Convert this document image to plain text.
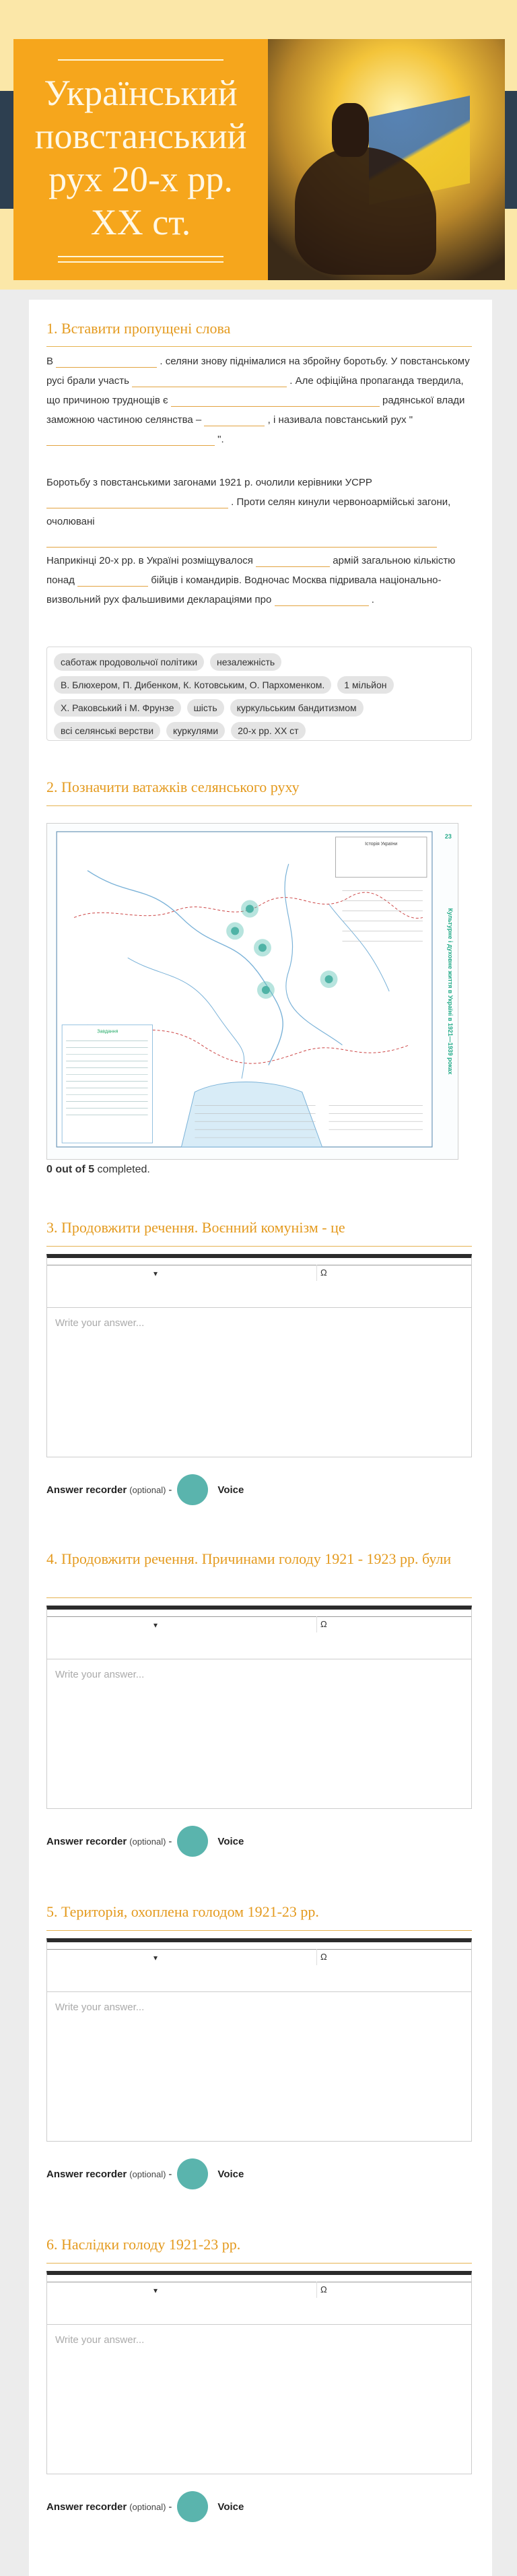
Український повстанський рух 20-х рр. XX ст.
1. Вставити пропущені слова
В	. селяни знову піднімалися на збройну боротьбу. У повстанському русі брали участь	. Але офіційна пропаганда твердила, що причиною труднощів є	радянської влади заможною частиною селянства –	, і називала повстанський рух "  ".
Боротьбу з повстанськими загонами 1921 р. очолили керівники УСРР  . Проти селян кинули червоноармійські загони, очолювані
Наприкінці 20-х рр. в Україні розміщувалося	армій загальною кількістю понад	бійців і командирів. Водночас Москва підривала національно-визвольний рух фальшивими деклараціями про	.
саботаж продовольчої політики	незалежність
В. Блюхером, П. Дибенком, К. Котовським, О. Пархоменком.	1 мільйон
Х. Раковський і М. Фрунзе	шість	куркульським бандитизмом
всі селянські верстви	куркулями	20-х рр. XX ст
2. Позначити ватажків селянського руху
Історія України
Завдання	Культурне і духовне життя в Україні в 1921—1939 роках
23
0 out of 5 completed.
3. Продовжити речення. Воєнний комунізм - це
▾	Ω
Write your answer...
Answer recorder (optional) -	Voice
4. Продовжити речення. Причинами голоду 1921 - 1923 рр. були
▾	Ω
Write your answer...
Answer recorder (optional) -	Voice
5. Територія, охоплена голодом 1921-23 рр.
▾	Ω
Write your answer...
Answer recorder (optional) -	Voice
6. Наслідки голоду 1921-23 рр.
▾	Ω
Write your answer...
Answer recorder (optional) -	Voice
